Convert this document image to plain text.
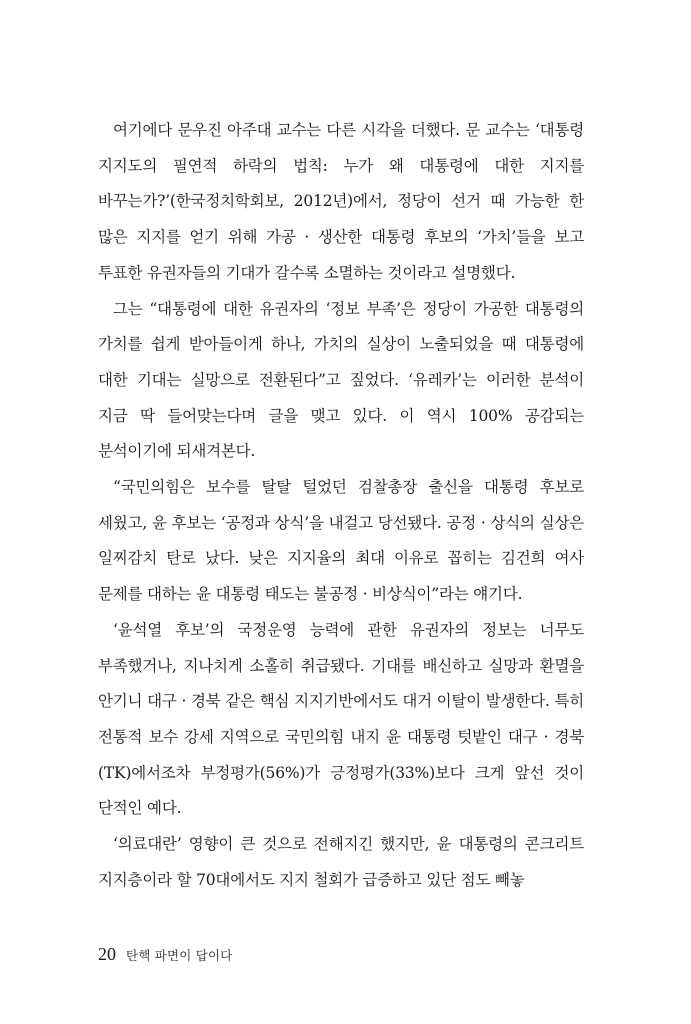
여기에다 문우진 아주대 교수는 다른 시각을 더했다. 문 교수는 ‘대통령 지지도의 필연적 하락의 법칙: 누가 왜 대통령에 대한 지지를 바꾸는가?’(한국정치학회보, 2012년)에서, 정당이 선거 때 가능한 한 많은 지지를 얻기 위해 가공 · 생산한 대통령 후보의 ‘가치’들을 보고 투표한 유권자들의 기대가 갈수록 소멸하는 것이라고 설명했다.

그는 “대통령에 대한 유권자의 ‘정보 부족’은 정당이 가공한 대통령의 가치를 쉽게 받아들이게 하나, 가치의 실상이 노출되었을 때 대통령에 대한 기대는 실망으로 전환된다”고 짚었다. ‘유레카’는 이러한 분석이 지금 딱 들어맞는다며 글을 맺고 있다. 이 역시 100% 공감되는 분석이기에 되새겨본다.

“국민의힘은 보수를 탈탈 털었던 검찰총장 출신을 대통령 후보로 세웠고, 윤 후보는 ‘공정과 상식’을 내걸고 당선됐다. 공정 · 상식의 실상은 일찌감치 탄로 났다. 낮은 지지율의 최대 이유로 꼽히는 김건희 여사 문제를 대하는 윤 대통령 태도는 불공정 · 비상식이”라는 얘기다.

‘윤석열 후보’의 국정운영 능력에 관한 유권자의 정보는 너무도 부족했거나, 지나치게 소홀히 취급됐다. 기대를 배신하고 실망과 환멸을 안기니 대구 · 경북 같은 핵심 지지기반에서도 대거 이탈이 발생한다. 특히 전통적 보수 강세 지역으로 국민의힘 내지 윤 대통령 텃밭인 대구 · 경북(TK)에서조차 부정평가(56%)가 긍정평가(33%)보다 크게 앞선 것이 단적인 예다.

‘의료대란’ 영향이 큰 것으로 전해지긴 했지만, 윤 대통령의 콘크리트 지지층이라 할 70대에서도 지지 철회가 급증하고 있단 점도 빼놓

20 탄핵 파면이 답이다
